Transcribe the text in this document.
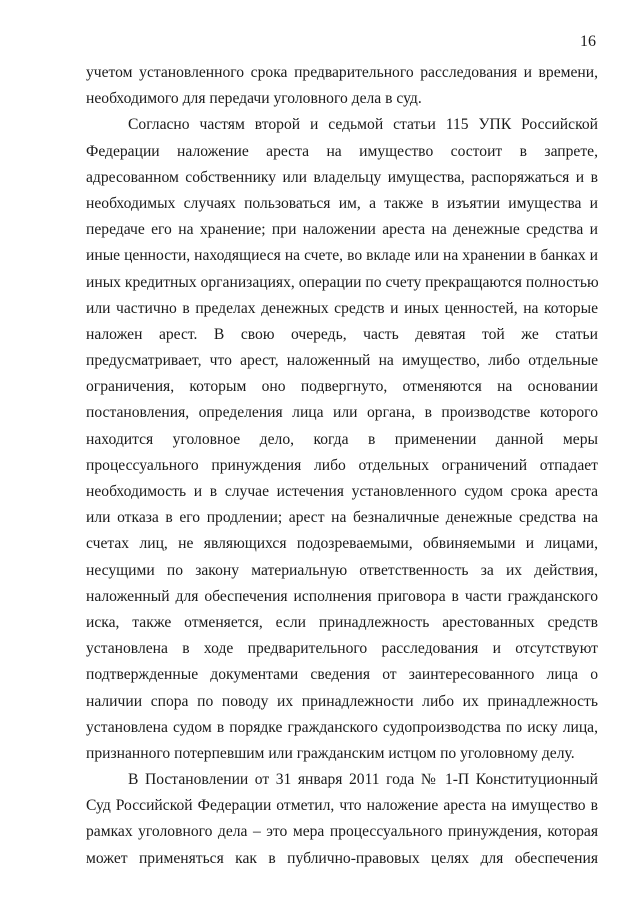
16
учетом установленного срока предварительного расследования и времени,
необходимого для передачи уголовного дела в суд.
Согласно частям второй и седьмой статьи 115 УПК Российской
Федерации наложение ареста на имущество состоит в запрете,
адресованном собственнику или владельцу имущества, распоряжаться и в
необходимых случаях пользоваться им, а также в изъятии имущества и
передаче его на хранение; при наложении ареста на денежные средства и
иные ценности, находящиеся на счете, во вкладе или на хранении в банках и
иных кредитных организациях, операции по счету прекращаются полностью
или частично в пределах денежных средств и иных ценностей, на которые
наложен арест. В свою очередь, часть девятая той же статьи
предусматривает, что арест, наложенный на имущество, либо отдельные
ограничения, которым оно подвергнуто, отменяются на основании
постановления, определения лица или органа, в производстве которого
находится уголовное дело, когда в применении данной меры
процессуального принуждения либо отдельных ограничений отпадает
необходимость и в случае истечения установленного судом срока ареста
или отказа в его продлении; арест на безналичные денежные средства на
счетах лиц, не являющихся подозреваемыми, обвиняемыми и лицами,
несущими по закону материальную ответственность за их действия,
наложенный для обеспечения исполнения приговора в части гражданского
иска, также отменяется, если принадлежность арестованных средств
установлена в ходе предварительного расследования и отсутствуют
подтвержденные документами сведения от заинтересованного лица о
наличии спора по поводу их принадлежности либо их принадлежность
установлена судом в порядке гражданского судопроизводства по иску лица,
признанного потерпевшим или гражданским истцом по уголовному делу.
В Постановлении от 31 января 2011 года № 1-П Конституционный
Суд Российской Федерации отметил, что наложение ареста на имущество в
рамках уголовного дела – это мера процессуального принуждения, которая
может применяться как в публично-правовых целях для обеспечения
